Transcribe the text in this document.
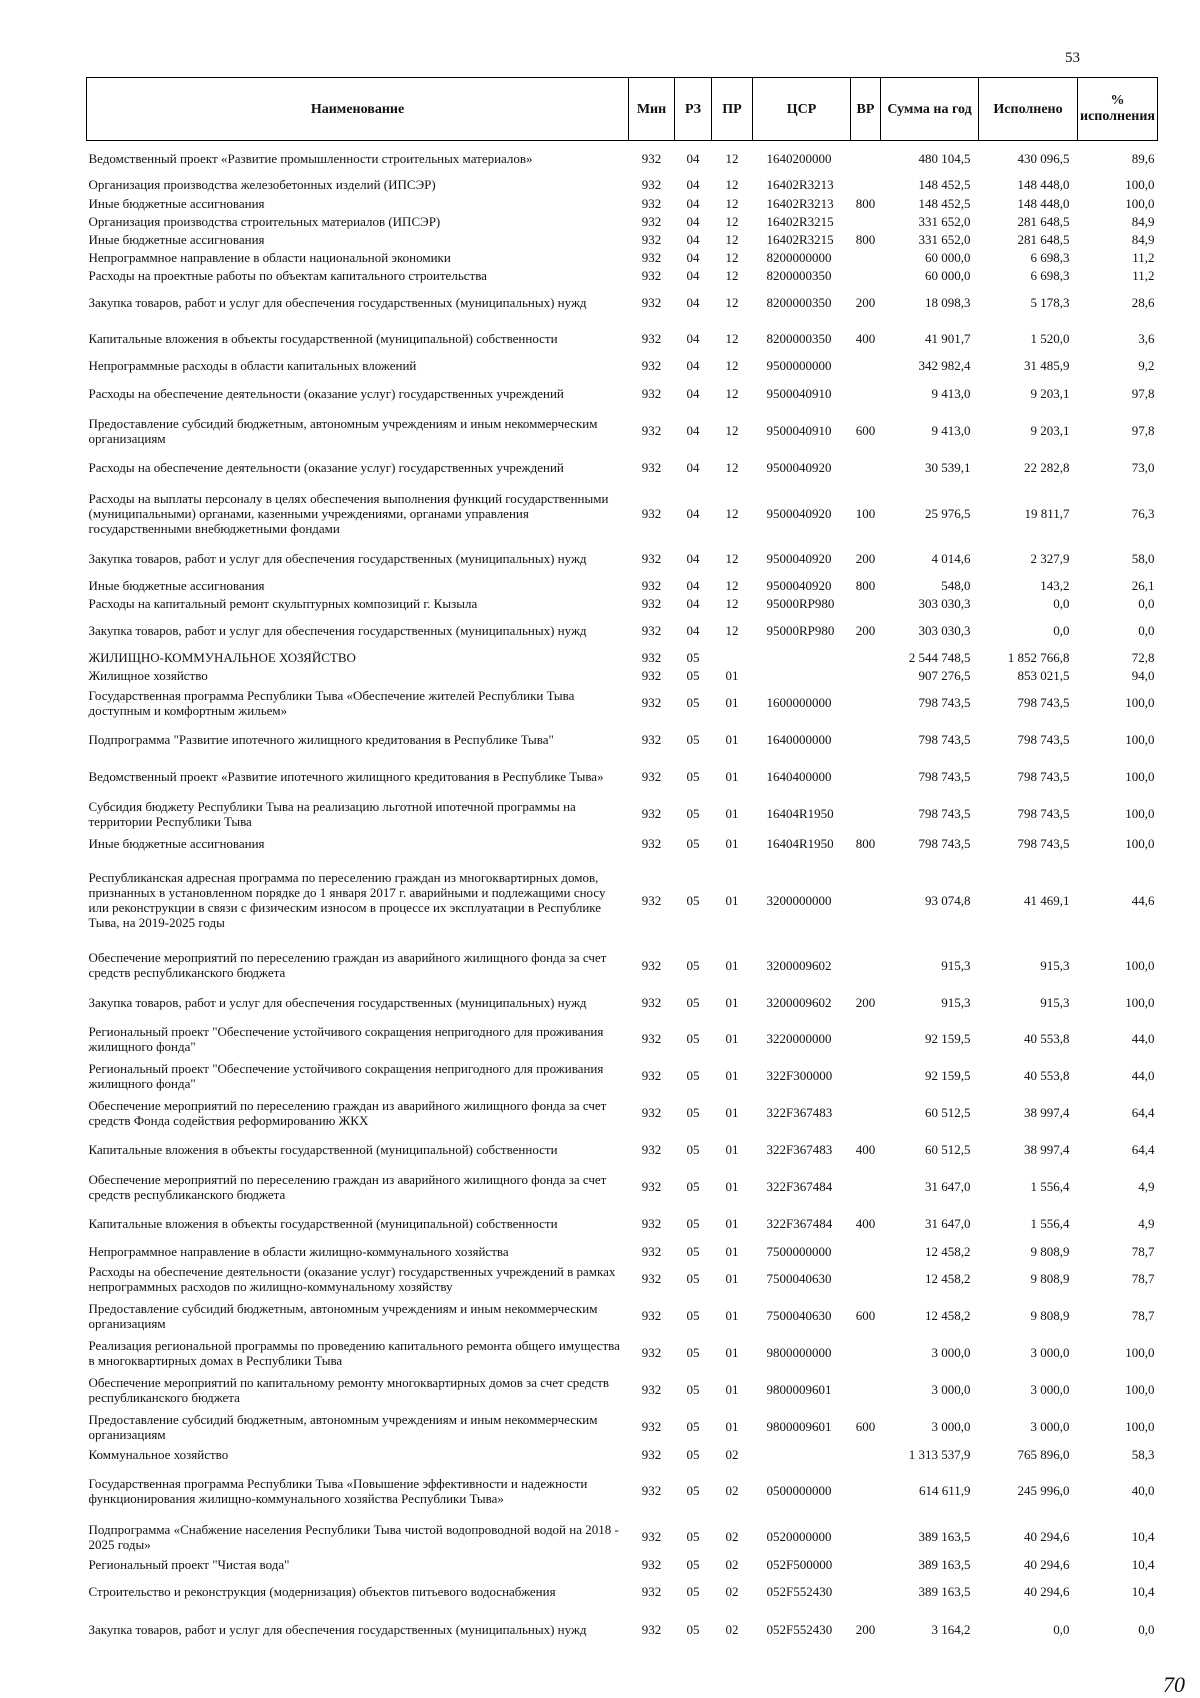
53
Наименование	Мин	РЗ	ПР	ЦСР	ВР	Сумма на год	Исполнено	% исполнения
Ведомственный проект «Развитие промышленности строительных материалов»	932	04	12	1640200000		480 104,5	430 096,5	89,6
Организация производства железобетонных изделий (ИПСЭР)	932	04	12	16402R3213		148 452,5	148 448,0	100,0
Иные бюджетные ассигнования	932	04	12	16402R3213	800	148 452,5	148 448,0	100,0
Организация производства строительных материалов (ИПСЭР)	932	04	12	16402R3215		331 652,0	281 648,5	84,9
Иные бюджетные ассигнования	932	04	12	16402R3215	800	331 652,0	281 648,5	84,9
Непрограммное направление в области национальной экономики	932	04	12	8200000000		60 000,0	6 698,3	11,2
Расходы на проектные работы по объектам капитального строительства	932	04	12	8200000350		60 000,0	6 698,3	11,2
Закупка товаров, работ и услуг для обеспечения государственных (муниципальных) нужд	932	04	12	8200000350	200	18 098,3	5 178,3	28,6
Капитальные вложения в объекты государственной (муниципальной) собственности	932	04	12	8200000350	400	41 901,7	1 520,0	3,6
Непрограммные расходы в области капитальных вложений	932	04	12	9500000000		342 982,4	31 485,9	9,2
Расходы на обеспечение деятельности (оказание услуг) государственных учреждений	932	04	12	9500040910		9 413,0	9 203,1	97,8
Предоставление субсидий бюджетным, автономным учреждениям и иным некоммерческим организациям	932	04	12	9500040910	600	9 413,0	9 203,1	97,8
Расходы на обеспечение деятельности (оказание услуг) государственных учреждений	932	04	12	9500040920		30 539,1	22 282,8	73,0
Расходы на выплаты персоналу в целях обеспечения выполнения функций государственными (муниципальными) органами, казенными учреждениями, органами управления государственными внебюджетными фондами	932	04	12	9500040920	100	25 976,5	19 811,7	76,3
Закупка товаров, работ и услуг для обеспечения государственных (муниципальных) нужд	932	04	12	9500040920	200	4 014,6	2 327,9	58,0
Иные бюджетные ассигнования	932	04	12	9500040920	800	548,0	143,2	26,1
Расходы на капитальный ремонт скульптурных композиций г. Кызыла	932	04	12	95000RP980		303 030,3	0,0	0,0
Закупка товаров, работ и услуг для обеспечения государственных (муниципальных) нужд	932	04	12	95000RP980	200	303 030,3	0,0	0,0
ЖИЛИЩНО-КОММУНАЛЬНОЕ ХОЗЯЙСТВО	932	05				2 544 748,5	1 852 766,8	72,8
Жилищное хозяйство	932	05	01			907 276,5	853 021,5	94,0
Государственная программа Республики Тыва «Обеспечение жителей Республики Тыва доступным и комфортным жильем»	932	05	01	1600000000		798 743,5	798 743,5	100,0
Подпрограмма "Развитие ипотечного жилищного кредитования в Республике Тыва"	932	05	01	1640000000		798 743,5	798 743,5	100,0
Ведомственный проект «Развитие ипотечного жилищного кредитования в Республике Тыва»	932	05	01	1640400000		798 743,5	798 743,5	100,0
Субсидия бюджету Республики Тыва на реализацию льготной ипотечной программы на территории Республики Тыва	932	05	01	16404R1950		798 743,5	798 743,5	100,0
Иные бюджетные ассигнования	932	05	01	16404R1950	800	798 743,5	798 743,5	100,0
Республиканская адресная программа по переселению граждан из многоквартирных домов, признанных в установленном порядке до 1 января 2017 г. аварийными и подлежащими сносу или реконструкции в связи с физическим износом в процессе их эксплуатации в Республике Тыва, на 2019-2025 годы	932	05	01	3200000000		93 074,8	41 469,1	44,6
Обеспечение мероприятий по переселению граждан из аварийного жилищного фонда за счет средств республиканского бюджета	932	05	01	3200009602		915,3	915,3	100,0
Закупка товаров, работ и услуг для обеспечения государственных (муниципальных) нужд	932	05	01	3200009602	200	915,3	915,3	100,0
Региональный проект "Обеспечение устойчивого сокращения непригодного для проживания жилищного фонда"	932	05	01	3220000000		92 159,5	40 553,8	44,0
Региональный проект "Обеспечение устойчивого сокращения непригодного для проживания жилищного фонда"	932	05	01	322F300000		92 159,5	40 553,8	44,0
Обеспечение мероприятий по переселению граждан из аварийного жилищного фонда за счет средств Фонда содействия реформированию ЖКХ	932	05	01	322F367483		60 512,5	38 997,4	64,4
Капитальные вложения в объекты государственной (муниципальной) собственности	932	05	01	322F367483	400	60 512,5	38 997,4	64,4
Обеспечение мероприятий по переселению граждан из аварийного жилищного фонда за счет средств республиканского бюджета	932	05	01	322F367484		31 647,0	1 556,4	4,9
Капитальные вложения в объекты государственной (муниципальной) собственности	932	05	01	322F367484	400	31 647,0	1 556,4	4,9
Непрограммное направление в области жилищно-коммунального хозяйства	932	05	01	7500000000		12 458,2	9 808,9	78,7
Расходы на обеспечение деятельности (оказание услуг) государственных учреждений в рамках непрограммных расходов по жилищно-коммунальному хозяйству	932	05	01	7500040630		12 458,2	9 808,9	78,7
Предоставление субсидий бюджетным, автономным учреждениям и иным некоммерческим организациям	932	05	01	7500040630	600	12 458,2	9 808,9	78,7
Реализация региональной программы по проведению капитального ремонта общего имущества в многоквартирных домах в Республики Тыва	932	05	01	9800000000		3 000,0	3 000,0	100,0
Обеспечение мероприятий по капитальному ремонту многоквартирных домов за счет средств республиканского бюджета	932	05	01	9800009601		3 000,0	3 000,0	100,0
Предоставление субсидий бюджетным, автономным учреждениям и иным некоммерческим организациям	932	05	01	9800009601	600	3 000,0	3 000,0	100,0
Коммунальное хозяйство	932	05	02			1 313 537,9	765 896,0	58,3
Государственная программа Республики Тыва «Повышение эффективности и надежности функционирования жилищно-коммунального хозяйства Республики Тыва»	932	05	02	0500000000		614 611,9	245 996,0	40,0
Подпрограмма «Снабжение населения Республики Тыва чистой водопроводной водой на 2018 - 2025 годы»	932	05	02	0520000000		389 163,5	40 294,6	10,4
Региональный проект "Чистая вода"	932	05	02	052F500000		389 163,5	40 294,6	10,4
Строительство и реконструкция (модернизация) объектов питьевого водоснабжения	932	05	02	052F552430		389 163,5	40 294,6	10,4
Закупка товаров, работ и услуг для обеспечения государственных (муниципальных) нужд	932	05	02	052F552430	200	3 164,2	0,0	0,0
70
